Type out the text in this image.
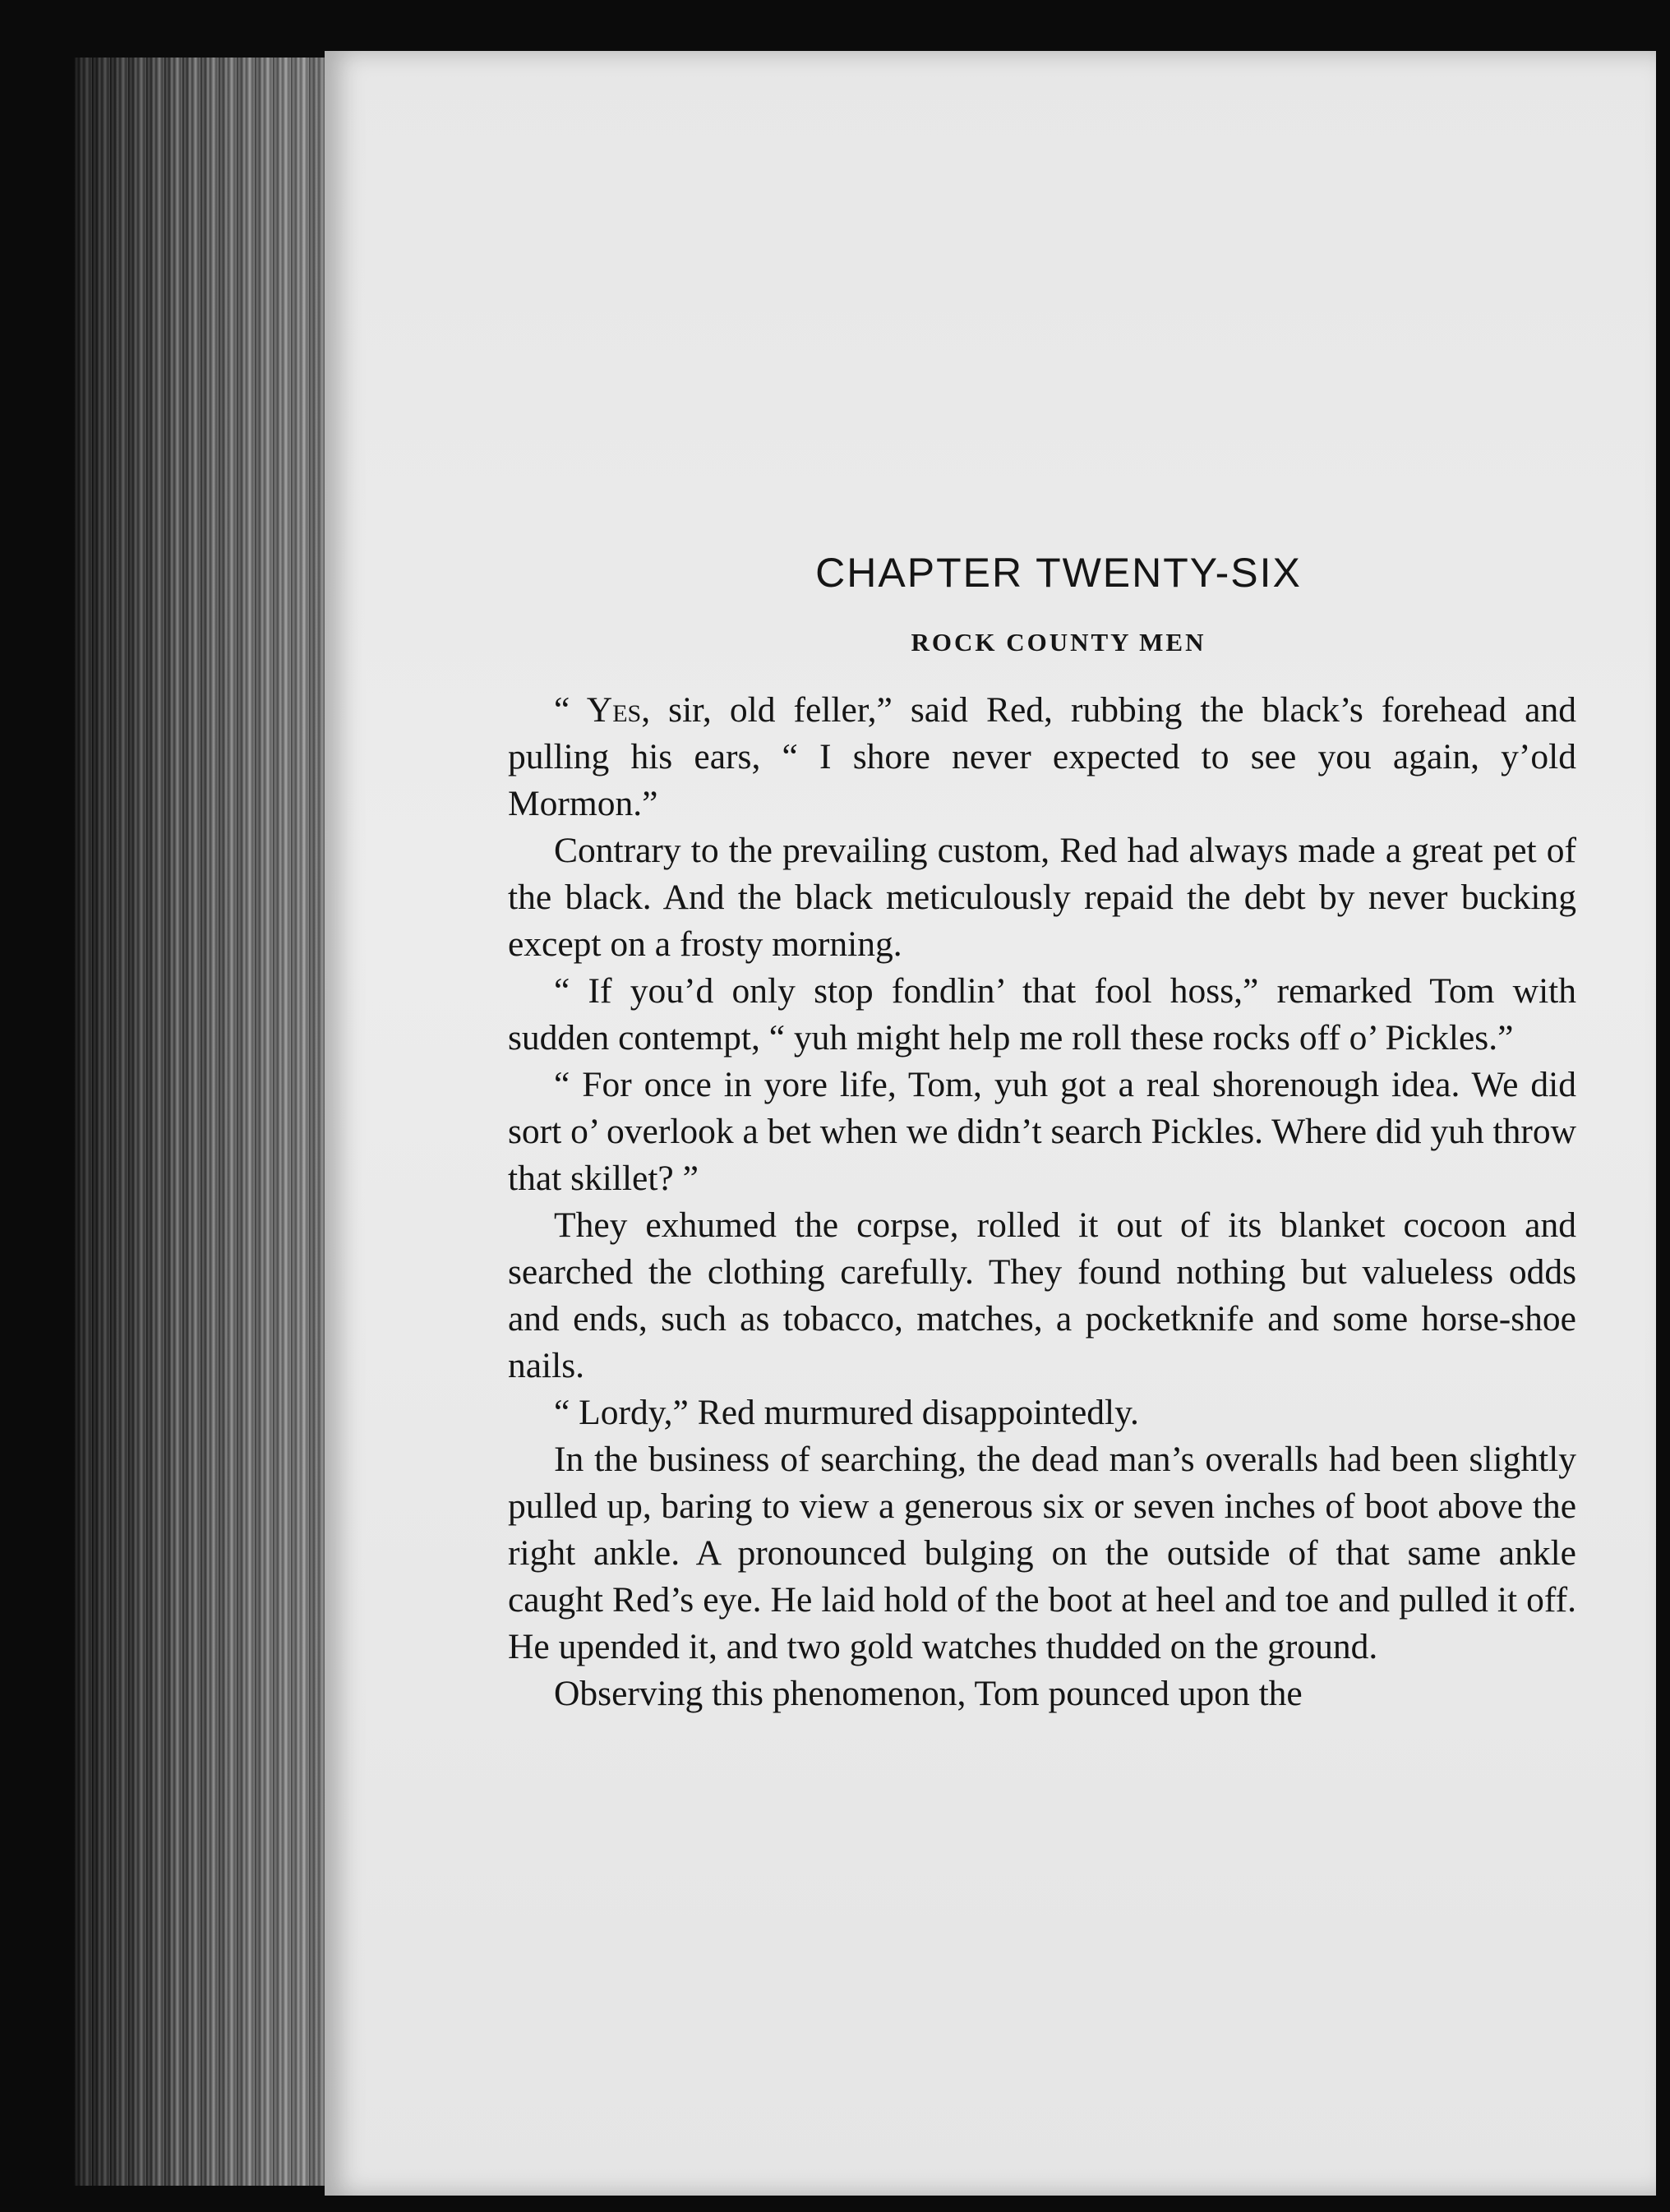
CHAPTER TWENTY-SIX
ROCK COUNTY MEN

“ Yes, sir, old feller,” said Red, rubbing the black’s forehead and pulling his ears, “ I shore never expected to see you again, y’old Mormon.”

Contrary to the prevailing custom, Red had always made a great pet of the black. And the black meticulously repaid the debt by never bucking except on a frosty morning.

“ If you’d only stop fondlin’ that fool hoss,” remarked Tom with sudden contempt, “ yuh might help me roll these rocks off o’ Pickles.”

“ For once in yore life, Tom, yuh got a real shorenough idea. We did sort o’ overlook a bet when we didn’t search Pickles. Where did yuh throw that skillet? ”

They exhumed the corpse, rolled it out of its blanket cocoon and searched the clothing carefully. They found nothing but valueless odds and ends, such as tobacco, matches, a pocketknife and some horse-shoe nails.

“ Lordy,” Red murmured disappointedly.

In the business of searching, the dead man’s overalls had been slightly pulled up, baring to view a generous six or seven inches of boot above the right ankle. A pronounced bulging on the outside of that same ankle caught Red’s eye. He laid hold of the boot at heel and toe and pulled it off. He upended it, and two gold watches thudded on the ground.

Observing this phenomenon, Tom pounced upon the
